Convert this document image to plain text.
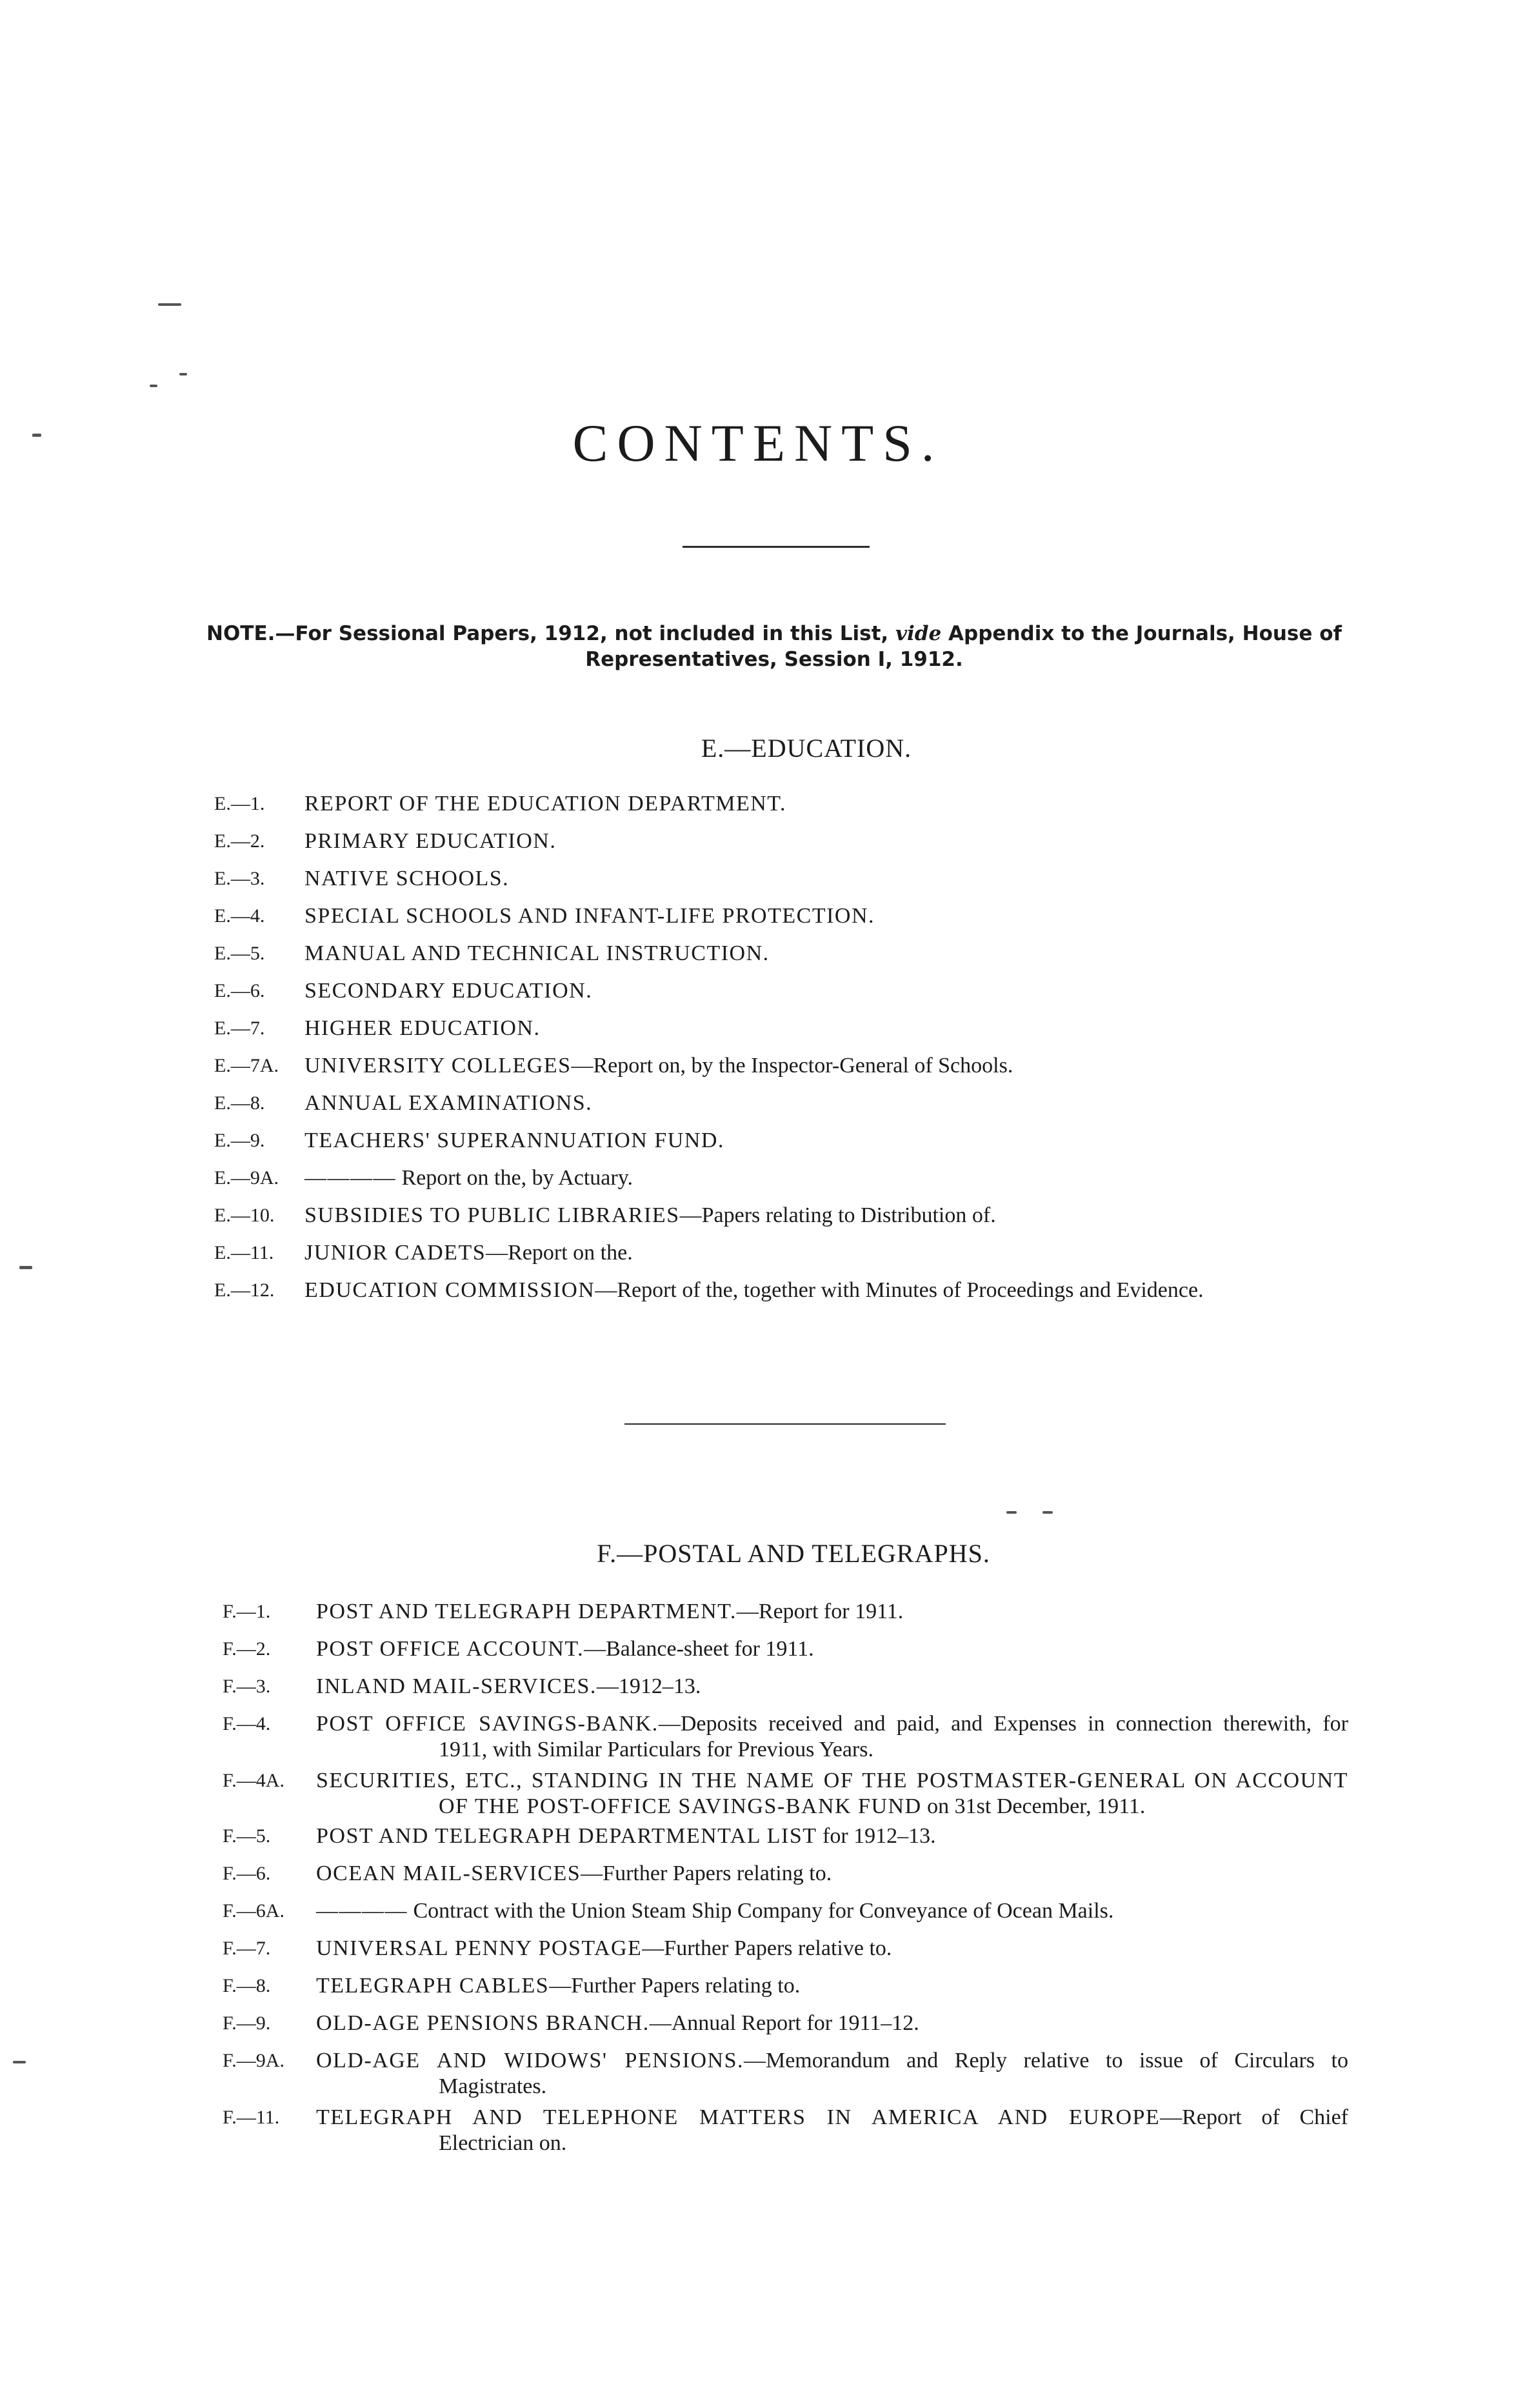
CONTENTS.
NOTE.—For Sessional Papers, 1912, not included in this List, vide Appendix to the Journals, House of
Representatives, Session I, 1912.
E.—EDUCATION.
E.—1.	REPORT OF THE EDUCATION DEPARTMENT.
E.—2.	PRIMARY EDUCATION.
E.—3.	NATIVE SCHOOLS.
E.—4.	SPECIAL SCHOOLS AND INFANT-LIFE PROTECTION.
E.—5.	MANUAL AND TECHNICAL INSTRUCTION.
E.—6.	SECONDARY EDUCATION.
E.—7.	HIGHER EDUCATION.
E.—7A.	UNIVERSITY COLLEGES—Report on, by the Inspector-General of Schools.
E.—8.	ANNUAL EXAMINATIONS.
E.—9.	TEACHERS' SUPERANNUATION FUND.
E.—9A.	———— Report on the, by Actuary.
E.—10.	SUBSIDIES TO PUBLIC LIBRARIES—Papers relating to Distribution of.
E.—11.	JUNIOR CADETS—Report on the.
E.—12.	EDUCATION COMMISSION—Report of the, together with Minutes of Proceedings and Evidence.
F.—POSTAL AND TELEGRAPHS.
F.—1.	POST AND TELEGRAPH DEPARTMENT.—Report for 1911.
F.—2.	POST OFFICE ACCOUNT.—Balance-sheet for 1911.
F.—3.	INLAND MAIL-SERVICES.—1912–13.
F.—4.	POST OFFICE SAVINGS-BANK.—Deposits received and paid, and Expenses in connection therewith, for
1911, with Similar Particulars for Previous Years.
F.—4A.	SECURITIES, ETC., STANDING IN THE NAME OF THE POSTMASTER-GENERAL ON ACCOUNT
OF THE POST-OFFICE SAVINGS-BANK FUND on 31st December, 1911.
F.—5.	POST AND TELEGRAPH DEPARTMENTAL LIST for 1912–13.
F.—6.	OCEAN MAIL-SERVICES—Further Papers relating to.
F.—6A.	———— Contract with the Union Steam Ship Company for Conveyance of Ocean Mails.
F.—7.	UNIVERSAL PENNY POSTAGE—Further Papers relative to.
F.—8.	TELEGRAPH CABLES—Further Papers relating to.
F.—9.	OLD-AGE PENSIONS BRANCH.—Annual Report for 1911–12.
F.—9A.	OLD-AGE AND WIDOWS' PENSIONS.—Memorandum and Reply relative to issue of Circulars to
Magistrates.
F.—11.	TELEGRAPH AND TELEPHONE MATTERS IN AMERICA AND EUROPE—Report of Chief
Electrician on.
